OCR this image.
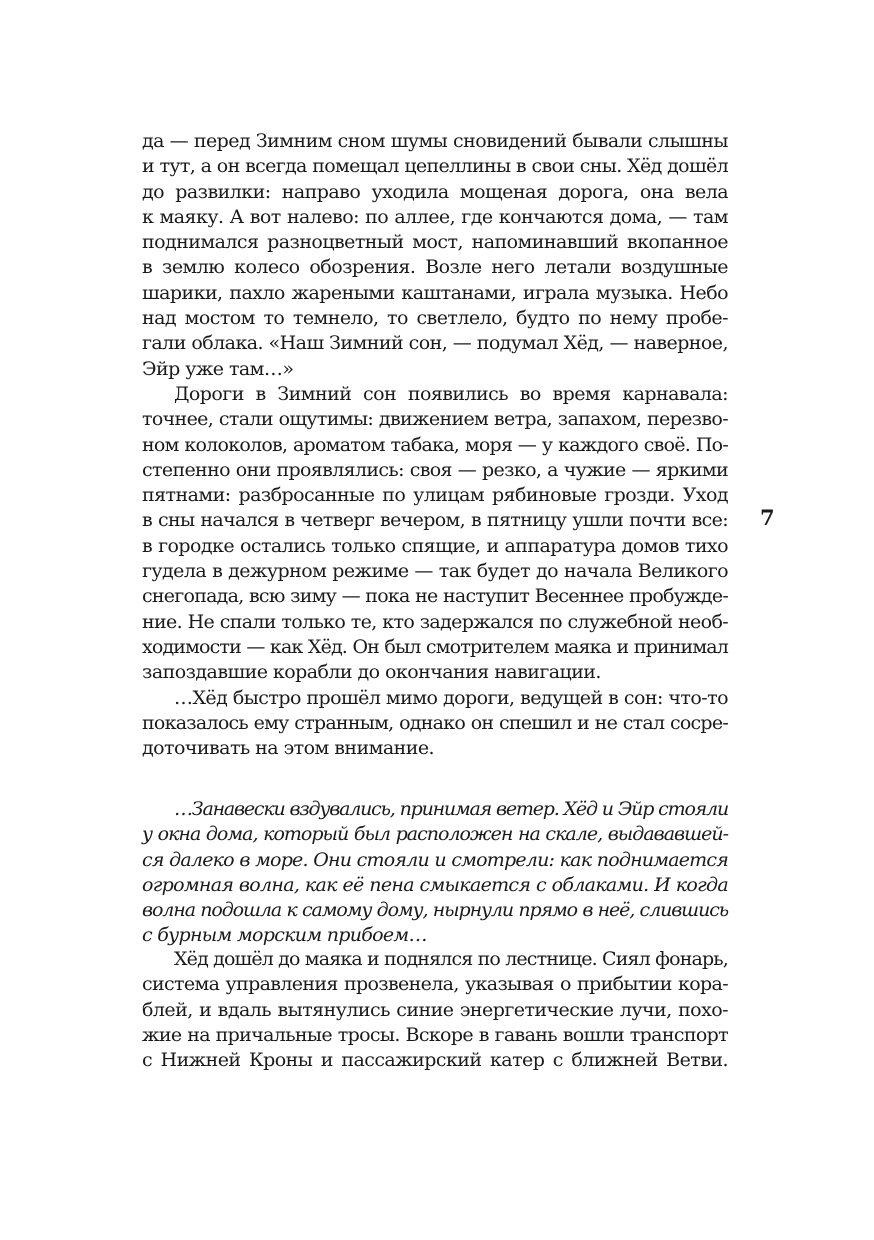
да — перед Зимним сном шумы сновидений бывали слышны
и тут, а он всегда помещал цепеллины в свои сны. Хёд дошёл
до развилки: направо уходила мощеная дорога, она вела
к маяку. А вот налево: по аллее, где кончаются дома, — там
поднимался разноцветный мост, напоминавший вкопанное
в землю колесо обозрения. Возле него летали воздушные
шарики, пахло жареными каштанами, играла музыка. Небо
над мостом то темнело, то светлело, будто по нему пробе-
гали облака. «Наш Зимний сон, — подумал Хёд, — наверное,
Эйр уже там…»
Дороги в Зимний сон появились во время карнавала:
точнее, стали ощутимы: движением ветра, запахом, перезво-
ном колоколов, ароматом табака, моря — у каждого своё. По-
степенно они проявлялись: своя — резко, а чужие — яркими
пятнами: разбросанные по улицам рябиновые грозди. Уход
в сны начался в четверг вечером, в пятницу ушли почти все:
в городке остались только спящие, и аппаратура домов тихо
гудела в дежурном режиме — так будет до начала Великого
снегопада, всю зиму — пока не наступит Весеннее пробужде-
ние. Не спали только те, кто задержался по служебной необ-
ходимости — как Хёд. Он был смотрителем маяка и принимал
запоздавшие корабли до окончания навигации.
…Хёд быстро прошёл мимо дороги, ведущей в сон: что-то
показалось ему странным, однако он спешил и не стал сосре-
доточивать на этом внимание.
…Занавески вздувались, принимая ветер. Хёд и Эйр стояли
у окна дома, который был расположен на скале, выдававшей-
ся далеко в море. Они стояли и смотрели: как поднимается
огромная волна, как её пена смыкается с облаками. И когда
волна подошла к самому дому, нырнули прямо в неё, слившись
с бурным морским прибоем…
Хёд дошёл до маяка и поднялся по лестнице. Сиял фонарь,
система управления прозвенела, указывая о прибытии кора-
блей, и вдаль вытянулись синие энергетические лучи, похо-
жие на причальные тросы. Вскоре в гавань вошли транспорт
с Нижней Кроны и пассажирский катер с ближней Ветви.
7
